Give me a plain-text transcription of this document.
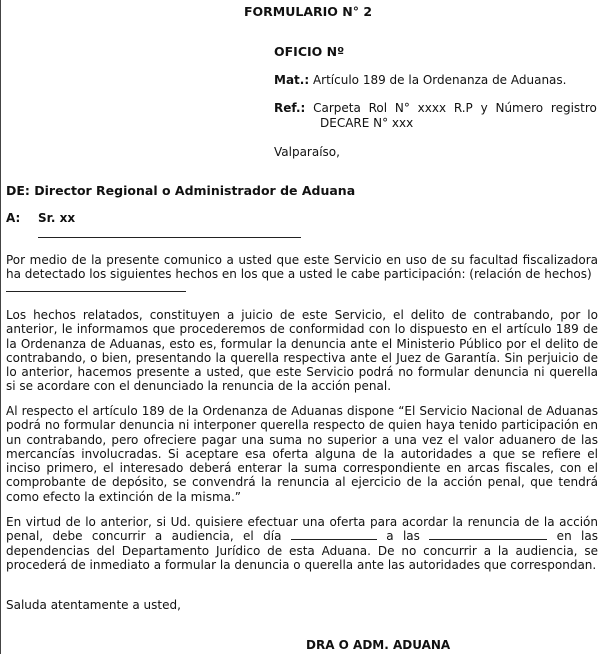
FORMULARIO N° 2
OFICIO Nº
Mat.: Artículo 189 de la Ordenanza de Aduanas.
Ref.: Carpeta Rol N° xxxx R.P y Número registro
DECARE N° xxx
Valparaíso,
DE: Director Regional o Administrador de Aduana
A: Sr. xx
Por medio de la presente comunico a usted que este Servicio en uso de su facultad fiscalizadora ha detectado los siguientes hechos en los que a usted le cabe participación: (relación de hechos)
Los hechos relatados, constituyen a juicio de este Servicio, el delito de contrabando, por lo anterior, le informamos que procederemos de conformidad con lo dispuesto en el artículo 189 de la Ordenanza de Aduanas, esto es, formular la denuncia ante el Ministerio Público por el delito de contrabando, o bien, presentando la querella respectiva ante el Juez de Garantía. Sin perjuicio de lo anterior, hacemos presente a usted, que este Servicio podrá no formular denuncia ni querella si se acordare con el denunciado la renuncia de la acción penal.
Al respecto el artículo 189 de la Ordenanza de Aduanas dispone “El Servicio Nacional de Aduanas podrá no formular denuncia ni interponer querella respecto de quien haya tenido participación en un contrabando, pero ofreciere pagar una suma no superior a una vez el valor aduanero de las mercancías involucradas. Si aceptare esa oferta alguna de la autoridades a que se refiere el inciso primero, el interesado deberá enterar la suma correspondiente en arcas fiscales, con el comprobante de depósito, se convendrá la renuncia al ejercicio de la acción penal, que tendrá como efecto la extinción de la misma.”
En virtud de lo anterior, si Ud. quisiere efectuar una oferta para acordar la renuncia de la acción penal, debe concurrir a audiencia, el día	a las	en las dependencias del Departamento Jurídico de esta Aduana. De no concurrir a la audiencia, se procederá de inmediato a formular la denuncia o querella ante las autoridades que correspondan.
Saluda atentamente a usted,
DRA O ADM. ADUANA
